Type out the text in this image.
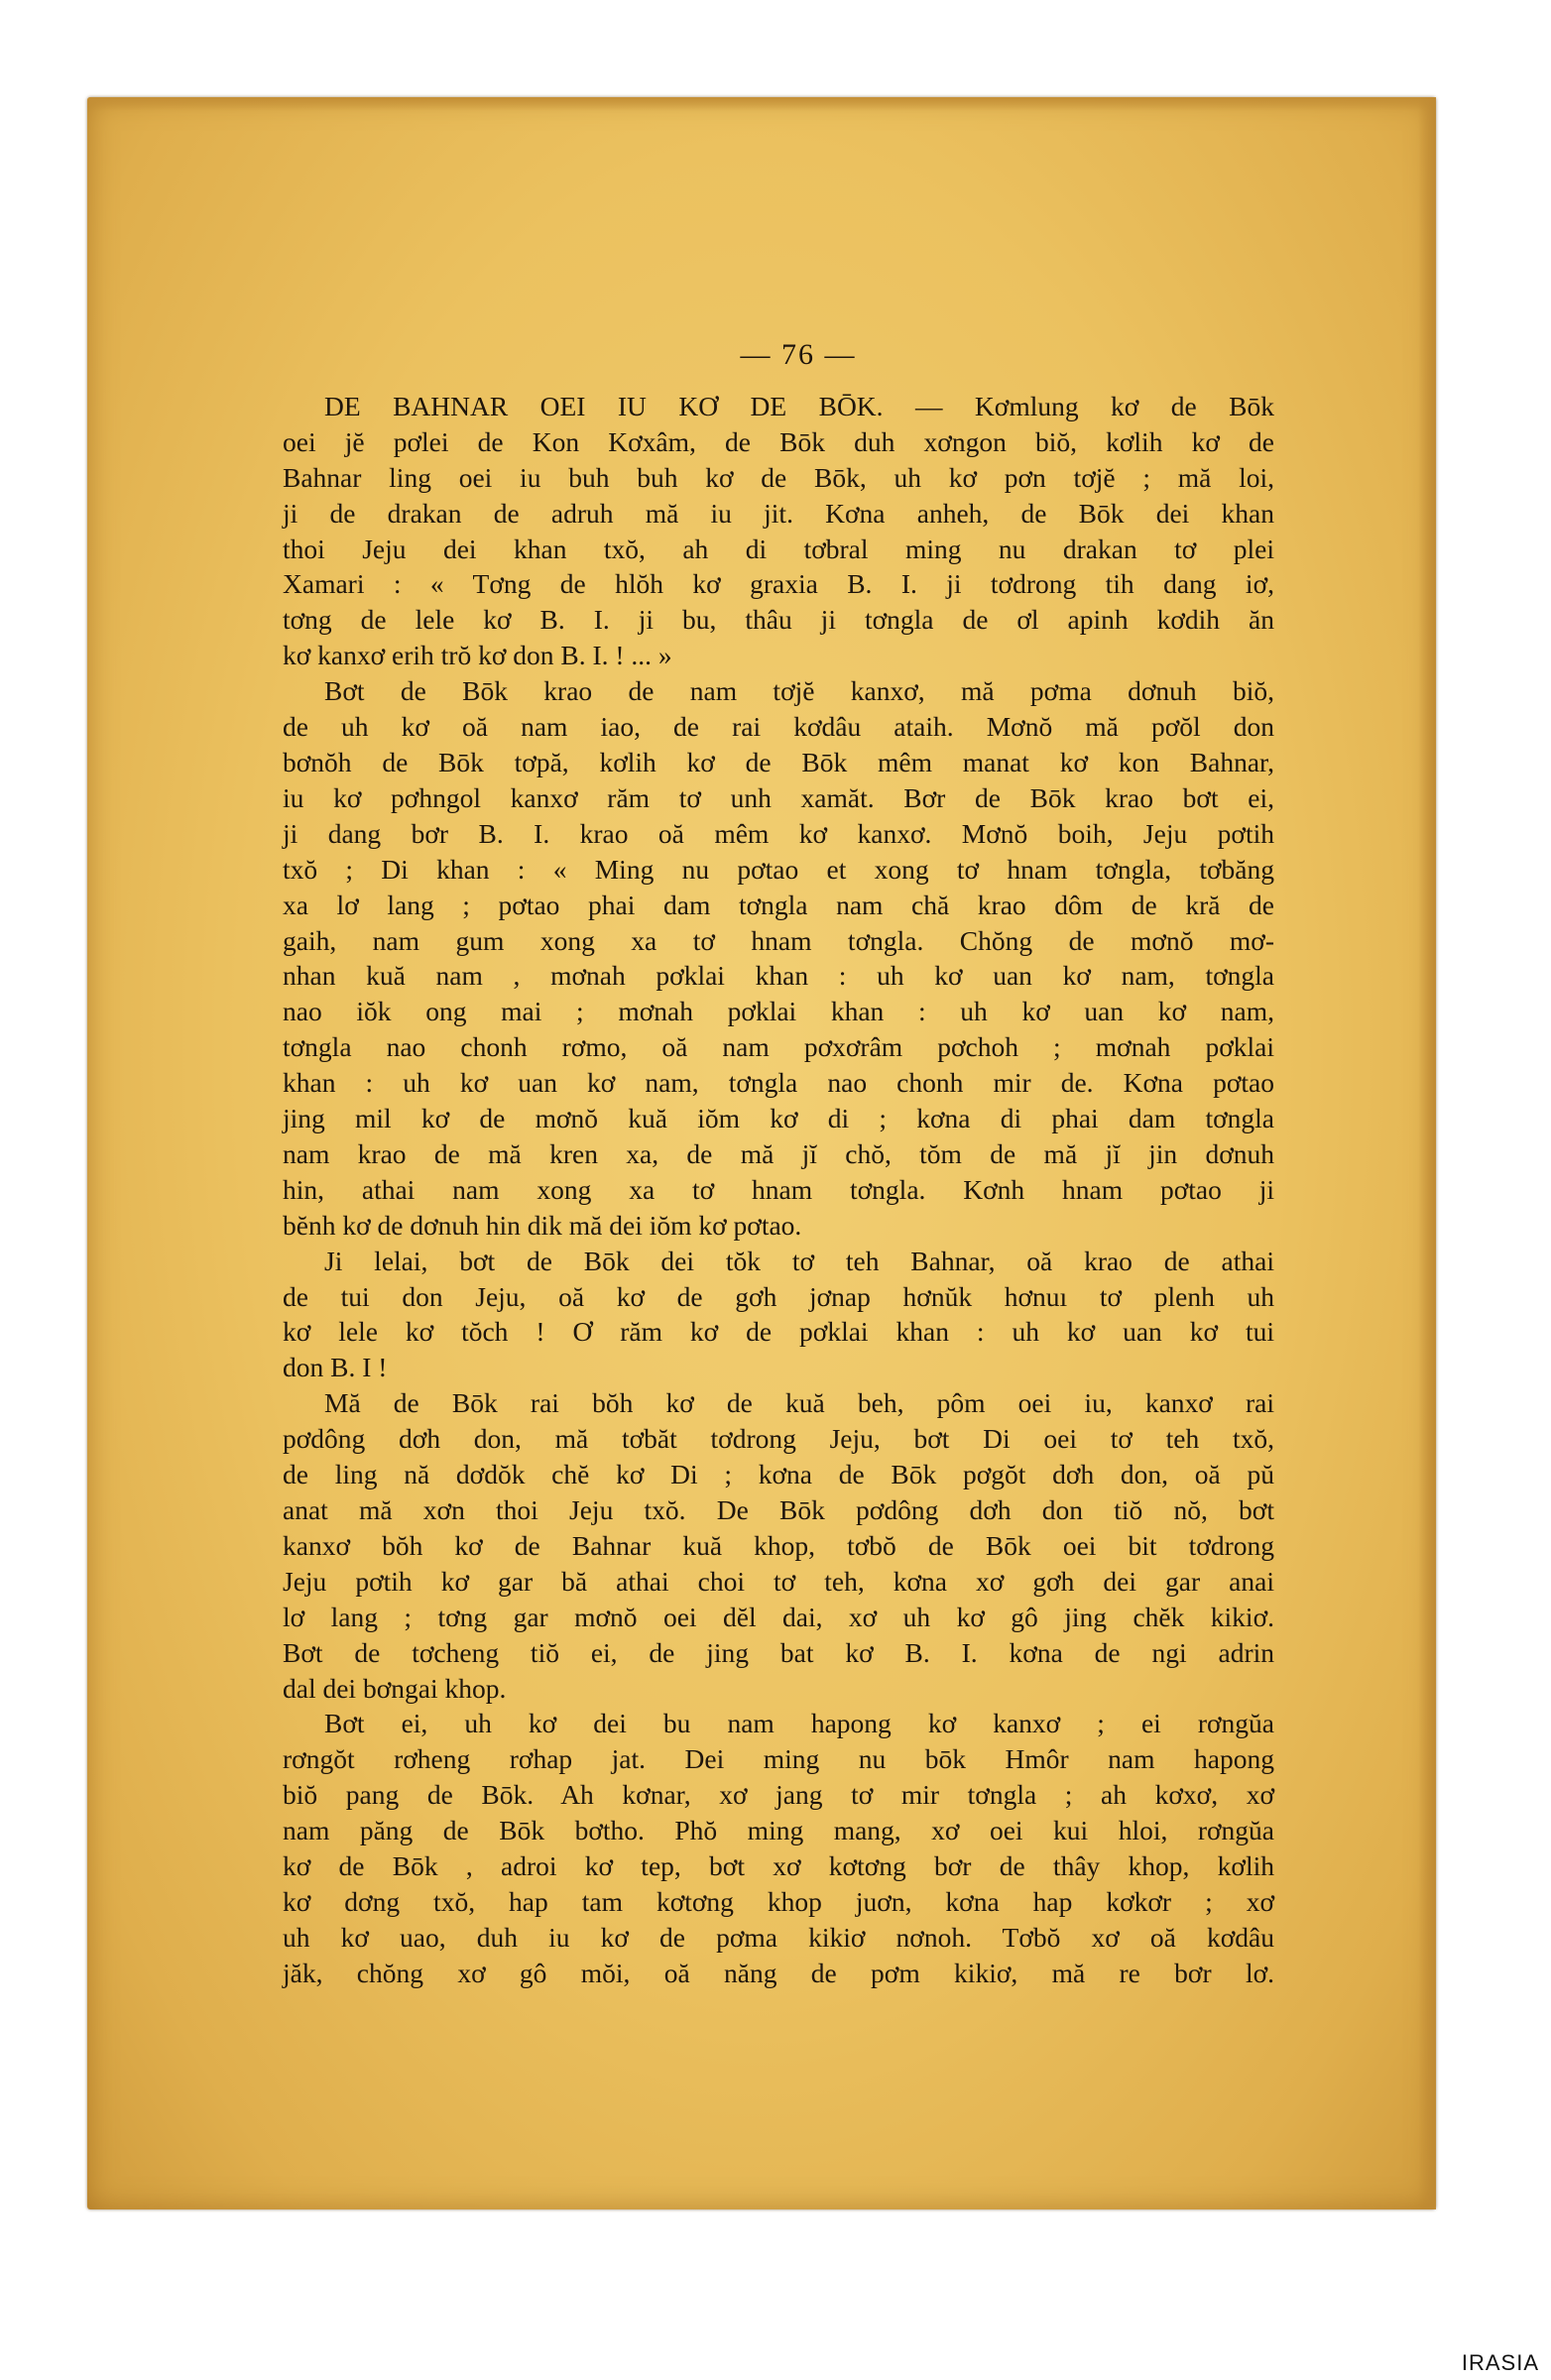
— 76 —
DE BAHNAR OEI IU KƠ DE BŌK. — Kơmlung kơ de Bōk
oei jĕ pơlei de Kon Kơxâm, de Bōk duh xơngon biŏ, kơlih kơ de
Bahnar ling oei iu buh buh kơ de Bōk, uh kơ pơn tơjĕ ; mă loi,
ji de drakan de adruh mă iu jit. Kơna anheh, de Bōk dei khan
thoi Jeju dei khan txŏ, ah di tơbral ming nu drakan tơ plei
Xamari : « Tơng de hlŏh kơ graxia B. I. ji tơdrong tih dang iơ,
tơng de lele kơ B. I. ji bu, thâu ji tơngla de ơl apinh kơdih ăn
kơ kanxơ erih trŏ kơ don B. I. ! ... »
Bơt de Bōk krao de nam tơjĕ kanxơ, mă pơma dơnuh biŏ,
de uh kơ oă nam iao, de rai kơdâu ataih. Mơnŏ mă pơŏl don
bơnŏh de Bōk tơpă, kơlih kơ de Bōk mêm manat kơ kon Bahnar,
iu kơ pơhngol kanxơ răm tơ unh xamăt. Bơr de Bōk krao bơt ei,
ji dang bơr B. I. krao oă mêm kơ kanxơ. Mơnŏ boih, Jeju pơtih
txŏ ; Di khan : « Ming nu pơtao et xong tơ hnam tơngla, tơbăng
xa lơ lang ; pơtao phai dam tơngla nam chă krao dôm de kră de
gaih, nam gum xong xa tơ hnam tơngla. Chŏng de mơnŏ mơ-
nhan kuă nam , mơnah pơklai khan : uh kơ uan kơ nam, tơngla
nao iŏk ong mai ; mơnah pơklai khan : uh kơ uan kơ nam,
tơngla nao chonh rơmo, oă nam pơxơrâm pơchoh ; mơnah pơklai
khan : uh kơ uan kơ nam, tơngla nao chonh mir de. Kơna pơtao
jing mil kơ de mơnŏ kuă iŏm kơ di ; kơna di phai dam tơngla
nam krao de mă kren xa, de mă jĭ chŏ, tŏm de mă jĭ jin dơnuh
hin, athai nam xong xa tơ hnam tơngla. Kơnh hnam pơtao ji
bĕnh kơ de dơnuh hin dik mă dei iŏm kơ pơtao.
Ji lelai, bơt de Bōk dei tŏk tơ teh Bahnar, oă krao de athai
de tui don Jeju, oă kơ de gơh jơnap hơnŭk hơnuı tơ plenh uh
kơ lele kơ tŏch ! Ơ răm kơ de pơklai khan : uh kơ uan kơ tui
don B. I !
Mă de Bōk rai bŏh kơ de kuă beh, pôm oei iu, kanxơ rai
pơdông dơh don, mă tơbăt tơdrong Jeju, bơt Di oei tơ teh txŏ,
de ling nă dơdŏk chĕ kơ Di ; kơna de Bōk pơgŏt dơh don, oă pŭ
anat mă xơn thoi Jeju txŏ. De Bōk pơdông dơh don tiŏ nŏ, bơt
kanxơ bŏh kơ de Bahnar kuă khop, tơbŏ de Bōk oei bit tơdrong
Jeju pơtih kơ gar bă athai choi tơ teh, kơna xơ gơh dei gar anai
lơ lang ; tơng gar mơnŏ oei dĕl dai, xơ uh kơ gô jing chĕk kikiơ.
Bơt de tơcheng tiŏ ei, de jing bat kơ B. I. kơna de ngi adrin
dal dei bơngai khop.
Bơt ei, uh kơ dei bu nam hapong kơ kanxơ ; ei rơngŭa
rơngŏt rơheng rơhap jat. Dei ming nu bōk Hmôr nam hapong
biŏ pang de Bōk. Ah kơnar, xơ jang tơ mir tơngla ; ah kơxơ, xơ
nam păng de Bōk bơtho. Phŏ ming mang, xơ oei kui hloi, rơngŭa
kơ de Bōk , adroi kơ tep, bơt xơ kơtơng bơr de thây khop, kơlih
kơ dơng txŏ, hap tam kơtơng khop juơn, kơna hap kơkơr ; xơ
uh kơ uao, duh iu kơ de pơma kikiơ nơnoh. Tơbŏ xơ oă kơdâu
jăk, chŏng xơ gô mŏi, oă năng de pơm kikiơ, mă re bơr lơ.
IRASIA
